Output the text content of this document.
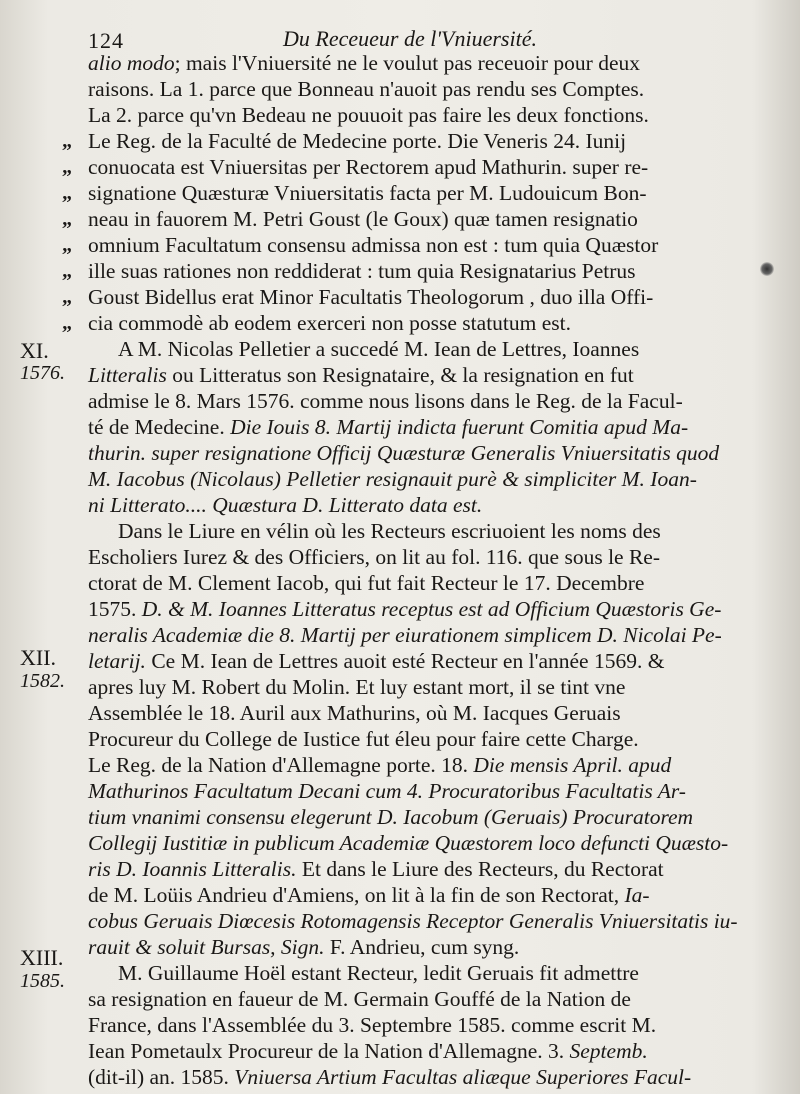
124	Du Receueur de l'Vniuersité.
XI.
1576.
XII.
1582.
XIII.
1585.
„
„
„
„
„
„
„
„
alio modo; mais l'Vniuersité ne le voulut pas receuoir pour deux
raisons. La 1. parce que Bonneau n'auoit pas rendu ses Comptes.
La 2. parce qu'vn Bedeau ne pouuoit pas faire les deux fonctions.
Le Reg. de la Faculté de Medecine porte. Die Veneris 24. Iunij
conuocata est Vniuersitas per Rectorem apud Mathurin. super re-
signatione Quæsturæ Vniuersitatis facta per M. Ludouicum Bon-
neau in fauorem M. Petri Goust (le Goux) quæ tamen resignatio
omnium Facultatum consensu admissa non est : tum quia Quæstor
ille suas rationes non reddiderat : tum quia Resignatarius Petrus
Goust Bidellus erat Minor Facultatis Theologorum , duo illa Offi-
cia commodè ab eodem exerceri non posse statutum est.
A M. Nicolas Pelletier a succedé M. Iean de Lettres, Ioannes
Litteralis ou Litteratus son Resignataire, & la resignation en fut
admise le 8. Mars 1576. comme nous lisons dans le Reg. de la Facul-
té de Medecine. Die Iouis 8. Martij indicta fuerunt Comitia apud Ma-
thurin. super resignatione Officij Quæsturæ Generalis Vniuersitatis quod
M. Iacobus (Nicolaus) Pelletier resignauit purè & simpliciter M. Ioan-
ni Litterato.... Quæstura D. Litterato data est.
Dans le Liure en vélin où les Recteurs escriuoient les noms des
Escholiers Iurez & des Officiers, on lit au fol. 116. que sous le Re-
ctorat de M. Clement Iacob, qui fut fait Recteur le 17. Decembre
1575. D. & M. Ioannes Litteratus receptus est ad Officium Quæstoris Ge-
neralis Academiæ die 8. Martij per eiurationem simplicem D. Nicolai Pe-
letarij. Ce M. Iean de Lettres auoit esté Recteur en l'année 1569. &
apres luy M. Robert du Molin. Et luy estant mort, il se tint vne
Assemblée le 18. Auril aux Mathurins, où M. Iacques Geruais
Procureur du College de Iustice fut éleu pour faire cette Charge.
Le Reg. de la Nation d'Allemagne porte. 18. Die mensis April. apud
Mathurinos Facultatum Decani cum 4. Procuratoribus Facultatis Ar-
tium vnanimi consensu elegerunt D. Iacobum (Geruais) Procuratorem
Collegij Iustitiæ in publicum Academiæ Quæstorem loco defuncti Quæsto-
ris D. Ioannis Litteralis. Et dans le Liure des Recteurs, du Rectorat
de M. Loüis Andrieu d'Amiens, on lit à la fin de son Rectorat, Ia-
cobus Geruais Diœcesis Rotomagensis Receptor Generalis Vniuersitatis iu-
rauit & soluit Bursas, Sign. F. Andrieu, cum syng.
M. Guillaume Hoël estant Recteur, ledit Geruais fit admettre
sa resignation en faueur de M. Germain Gouffé de la Nation de
France, dans l'Assemblée du 3. Septembre 1585. comme escrit M.
Iean Pometaulx Procureur de la Nation d'Allemagne. 3. Septemb.
(dit-il) an. 1585. Vniuersa Artium Facultas aliæque Superiores Facul-
